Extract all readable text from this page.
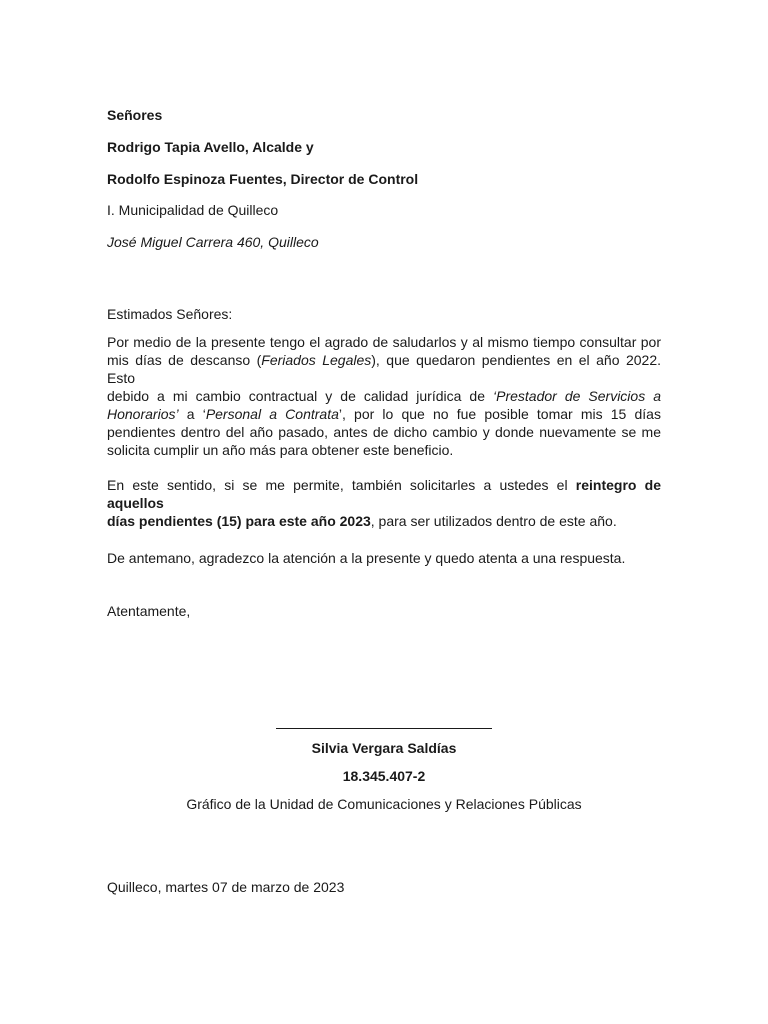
Señores
Rodrigo Tapia Avello, Alcalde y
Rodolfo Espinoza Fuentes, Director de Control
I. Municipalidad de Quilleco
José Miguel Carrera 460, Quilleco
Estimados Señores:

Por medio de la presente tengo el agrado de saludarlos y al mismo tiempo consultar por

mis días de descanso (Feriados Legales), que quedaron pendientes en el año 2022. Esto

debido a mi cambio contractual y de calidad jurídica de ‘Prestador de Servicios a

Honorarios’ a ‘Personal a Contrata’, por lo que no fue posible tomar mis 15 días

pendientes dentro del año pasado, antes de dicho cambio y donde nuevamente se me

solicita cumplir un año más para obtener este beneficio.

En este sentido, si se me permite, también solicitarles a ustedes el reintegro de aquellos

días pendientes (15) para este año 2023, para ser utilizados dentro de este año.

De antemano, agradezco la atención a la presente y quedo atenta a una respuesta.
Atentamente,
Silvia Vergara Saldías
18.345.407-2
Gráfico de la Unidad de Comunicaciones y Relaciones Públicas
Quilleco, martes 07 de marzo de 2023
